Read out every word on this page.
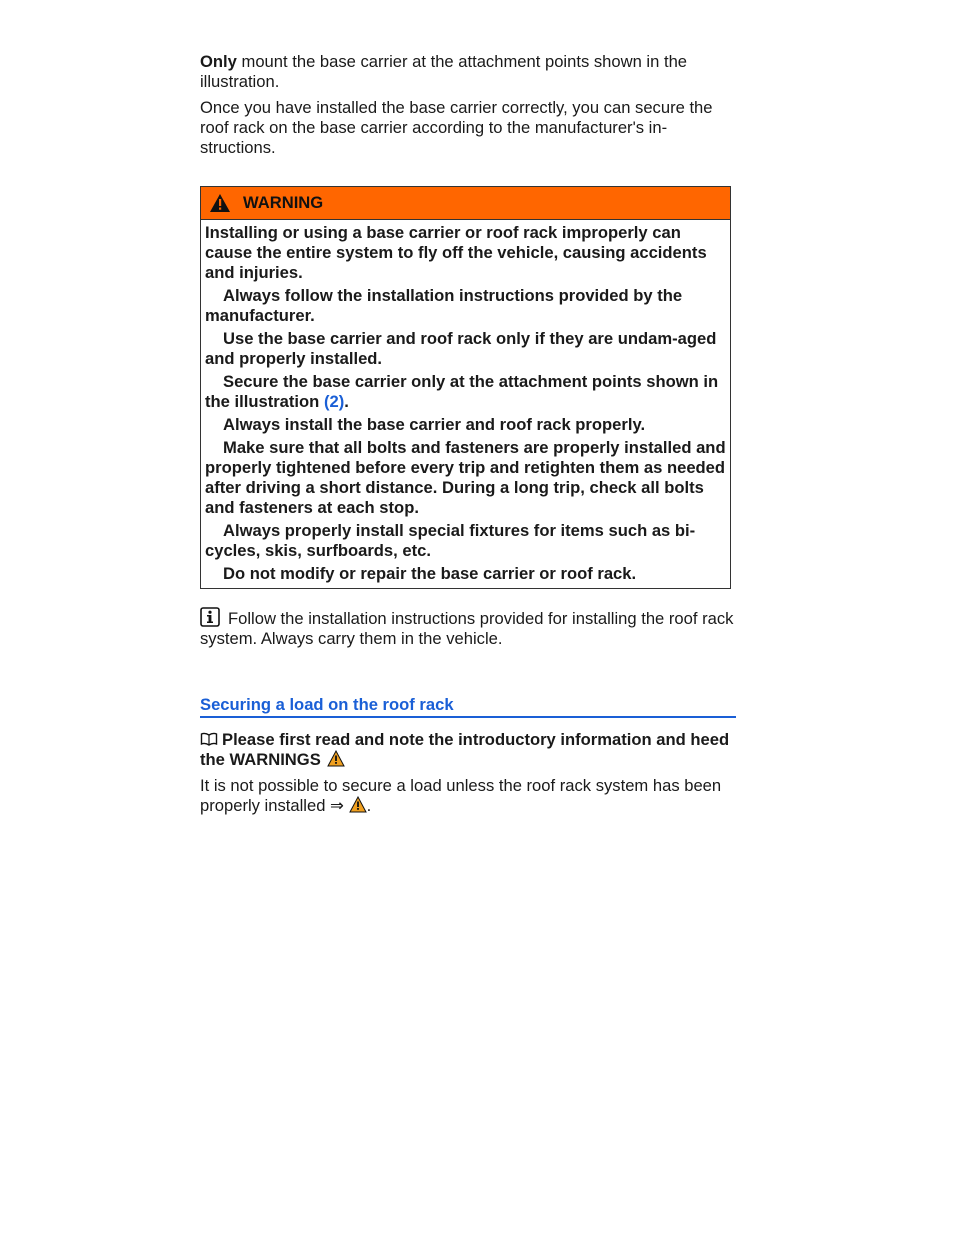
Only mount the base carrier at the attachment points shown in the illustration.

Once you have installed the base carrier correctly, you can secure the roof rack on the base carrier according to the manufacturer's in-structions.

WARNING
Installing or using a base carrier or roof rack improperly can cause the entire system to fly off the vehicle, causing accidents and injuries.
Always follow the installation instructions provided by the manufacturer.
Use the base carrier and roof rack only if they are undam-aged and properly installed.
Secure the base carrier only at the attachment points shown in the illustration (2).
Always install the base carrier and roof rack properly.
Make sure that all bolts and fasteners are properly installed and properly tightened before every trip and retighten them as needed after driving a short distance. During a long trip, check all bolts and fasteners at each stop.
Always properly install special fixtures for items such as bi-cycles, skis, surfboards, etc.
Do not modify or repair the base carrier or roof rack.
Follow the installation instructions provided for installing the roof rack system. Always carry them in the vehicle.
Securing a load on the roof rack
Please first read and note the introductory information and heed the WARNINGS
It is not possible to secure a load unless the roof rack system has been properly installed ⇒ .
